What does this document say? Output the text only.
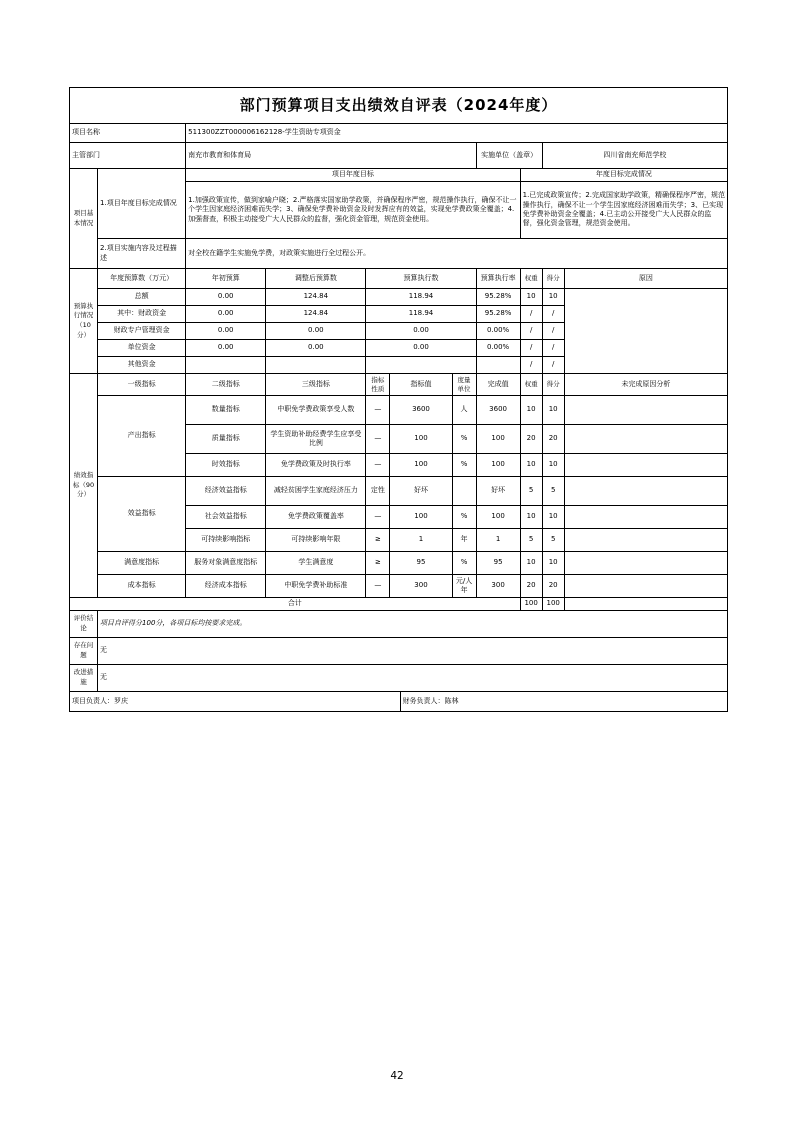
部门预算项目支出绩效自评表（2024年度）			
项目名称	511300ZZT000006162128-学生资助专项资金		
主管部门	南充市教育和体育局	实施单位（盖章）	四川省南充师范学校
项目基本情况	1.项目年度目标完成情况	项目年度目标	年度目标完成情况
		1.加强政策宣传，做到家喻户晓；2.严格落实国家助学政策，并确保程序严密，规范操作执行，确保不让一个学生因家庭经济困难而失学；3、确保免学费补助资金及时发挥应有的效益，实现免学费政策全覆盖；4.加强督查，积极主动接受广大人民群众的监督，强化资金管理，规范资金使用。	1.已完成政策宣传；2.完成国家助学政策，精确保程序严密，规范操作执行，确保不让一个学生因家庭经济困难而失学；3、已实现免学费补助资金全覆盖；4.已主动公开接受广大人民群众的监督，强化资金管理，规范资金使用。
	2.项目实施内容及过程描述	对全校在籍学生实施免学费，对政策实施进行全过程公开。	
预算执行情况（10分）	年度预算数（万元）	年初预算	调整后预算数	预算执行数	预算执行率	权重	得分	原因
	总额	0.00	124.84	118.94	95.28%	10	10	
	其中：财政资金	0.00	124.84	118.94	95.28%	/	/	
	财政专户管理资金	0.00	0.00	0.00	0.00%	/	/	
	单位资金	0.00	0.00	0.00	0.00%	/	/	
	其他资金					/	/	
绩效指标（90分）	一级指标	二级指标	三级指标	指标性质	指标值	度量单位	完成值	权重	得分	未完成原因分析
	产出指标	数量指标	中职免学费政策享受人数	—	3600	人	3600	10	10	
		质量指标	学生资助补助经费学生应享受比例	—	100	%	100	20	20	
		时效指标	免学费政策及时执行率	—	100	%	100	10	10	
	效益指标	经济效益指标	减轻贫困学生家庭经济压力	定性	好坏		好坏	5	5	
		社会效益指标	免学费政策覆盖率	—	100	%	100	10	10	
		可持续影响指标	可持续影响年限	≥	1	年	1	5	5	
	满意度指标	服务对象满意度指标	学生满意度	≥	95	%	95	10	10	
	成本指标	经济成本指标	中职免学费补助标准	—	300	元/人年	300	20	20	
合计								100	100	
评价结论	项目自评得分100分，各项目标均按要求完成。
存在问题	无
改进措施	无
项目负责人：罗庆	财务负责人：陈林
42
